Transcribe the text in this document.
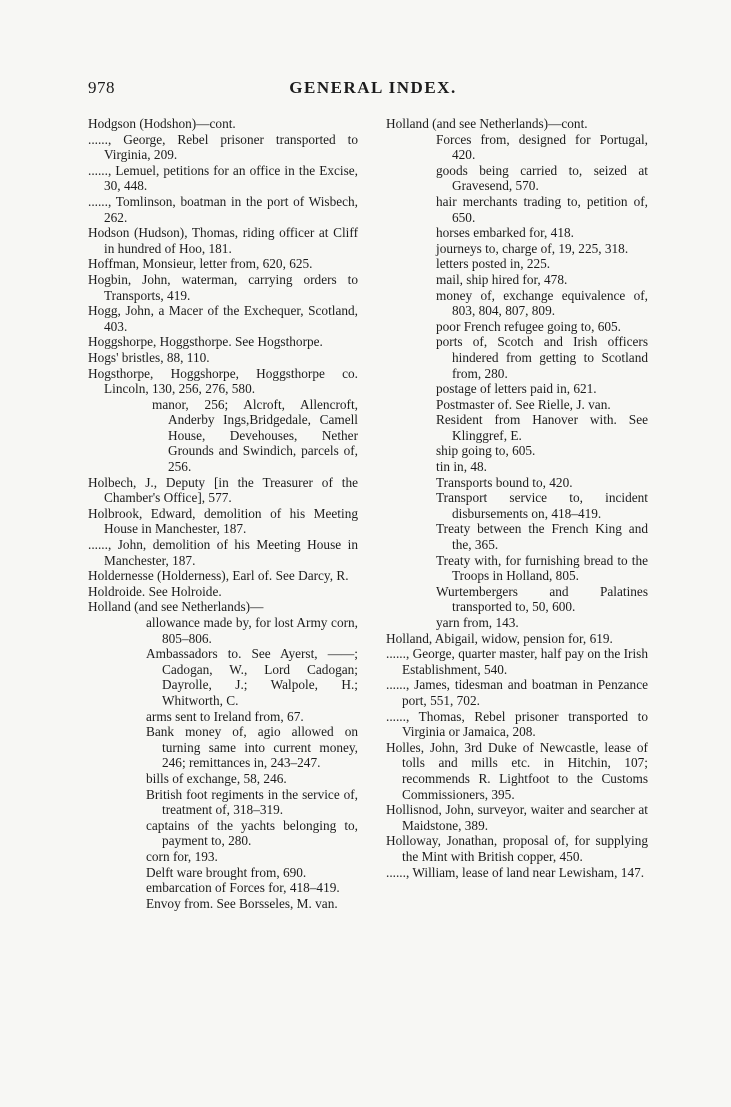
978	GENERAL INDEX.

Hodgson (Hodshon)—cont.

......, George, Rebel prisoner transported to Virginia, 209.

......, Lemuel, petitions for an office in the Excise, 30, 448.

......, Tomlinson, boatman in the port of Wisbech, 262.

Hodson (Hudson), Thomas, riding officer at Cliff in hundred of Hoo, 181.

Hoffman, Monsieur, letter from, 620, 625.

Hogbin, John, waterman, carrying orders to Transports, 419.

Hogg, John, a Macer of the Exchequer, Scotland, 403.

Hoggshorpe, Hoggsthorpe. See Hogsthorpe.

Hogs' bristles, 88, 110.

Hogsthorpe, Hoggshorpe, Hoggsthorpe co. Lincoln, 130, 256, 276, 580.

manor, 256; Alcroft, Allencroft, Anderby Ings,Bridgedale, Camell House, Devehouses, Nether Grounds and Swindich, parcels of, 256.

Holbech, J., Deputy [in the Treasurer of the Chamber's Office], 577.

Holbrook, Edward, demolition of his Meeting House in Manchester, 187.

......, John, demolition of his Meeting House in Manchester, 187.

Holdernesse (Holderness), Earl of. See Darcy, R.

Holdroide. See Holroide.

Holland (and see Netherlands)—

allowance made by, for lost Army corn, 805–806.

Ambassadors to. See Ayerst, ——; Cadogan, W., Lord Cadogan; Dayrolle, J.; Walpole, H.; Whitworth, C.

arms sent to Ireland from, 67.

Bank money of, agio allowed on turning same into current money, 246; remittances in, 243–247.

bills of exchange, 58, 246.

British foot regiments in the service of, treatment of, 318–319.

captains of the yachts belonging to, payment to, 280.

corn for, 193.

Delft ware brought from, 690.

embarcation of Forces for, 418–419.

Envoy from. See Borsseles, M. van.

Holland (and see Netherlands)—cont.

Forces from, designed for Portugal, 420.

goods being carried to, seized at Gravesend, 570.

hair merchants trading to, petition of, 650.

horses embarked for, 418.

journeys to, charge of, 19, 225, 318.

letters posted in, 225.

mail, ship hired for, 478.

money of, exchange equivalence of, 803, 804, 807, 809.

poor French refugee going to, 605.

ports of, Scotch and Irish officers hindered from getting to Scotland from, 280.

postage of letters paid in, 621.

Postmaster of. See Rielle, J. van.

Resident from Hanover with. See Klinggref, E.

ship going to, 605.

tin in, 48.

Transports bound to, 420.

Transport service to, incident disbursements on, 418–419.

Treaty between the French King and the, 365.

Treaty with, for furnishing bread to the Troops in Holland, 805.

Wurtembergers and Palatines transported to, 50, 600.

yarn from, 143.

Holland, Abigail, widow, pension for, 619.

......, George, quarter master, half pay on the Irish Establishment, 540.

......, James, tidesman and boatman in Penzance port, 551, 702.

......, Thomas, Rebel prisoner transported to Virginia or Jamaica, 208.

Holles, John, 3rd Duke of Newcastle, lease of tolls and mills etc. in Hitchin, 107; recommends R. Lightfoot to the Customs Commissioners, 395.

Hollisnod, John, surveyor, waiter and searcher at Maidstone, 389.

Holloway, Jonathan, proposal of, for supplying the Mint with British copper, 450.

......, William, lease of land near Lewisham, 147.
